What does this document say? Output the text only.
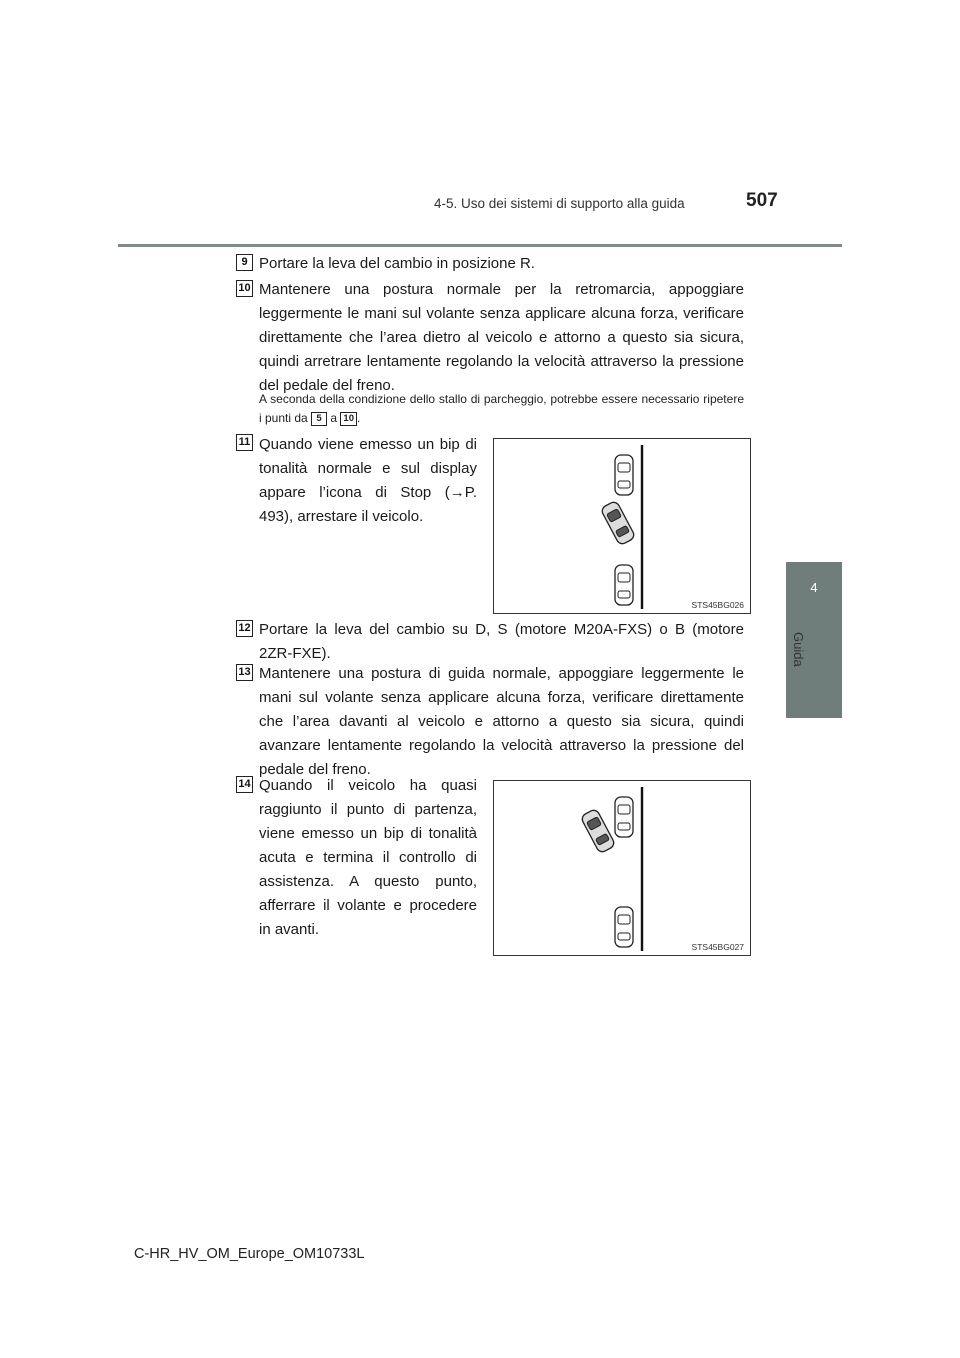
4-5. Uso dei sistemi di supporto alla guida	507
4
Guida
9 Portare la leva del cambio in posizione R.
10 Mantenere una postura normale per la retromarcia, appoggiare leggermente le mani sul volante senza applicare alcuna forza, verificare direttamente che l’area dietro al veicolo e attorno a questo sia sicura, quindi arretrare lentamente regolando la velocità attraverso la pressione del pedale del freno.
A seconda della condizione dello stallo di parcheggio, potrebbe essere necessario ripetere i punti da 5 a 10 .
11 Quando viene emesso un bip di tonalità normale e sul display appare l’icona di Stop (→P. 493), arrestare il veicolo.
STS45BG026
12 Portare la leva del cambio su D, S (motore M20A-FXS) o B (motore 2ZR-FXE).
13 Mantenere una postura di guida normale, appoggiare leggermente le mani sul volante senza applicare alcuna forza, verificare direttamente che l’area davanti al veicolo e attorno a questo sia sicura, quindi avanzare lentamente regolando la velocità attraverso la pressione del pedale del freno.
14 Quando il veicolo ha quasi raggiunto il punto di partenza, viene emesso un bip di tonalità acuta e termina il controllo di assistenza. A questo punto, afferrare il volante e procedere in avanti.
STS45BG027
C-HR_HV_OM_Europe_OM10733L
